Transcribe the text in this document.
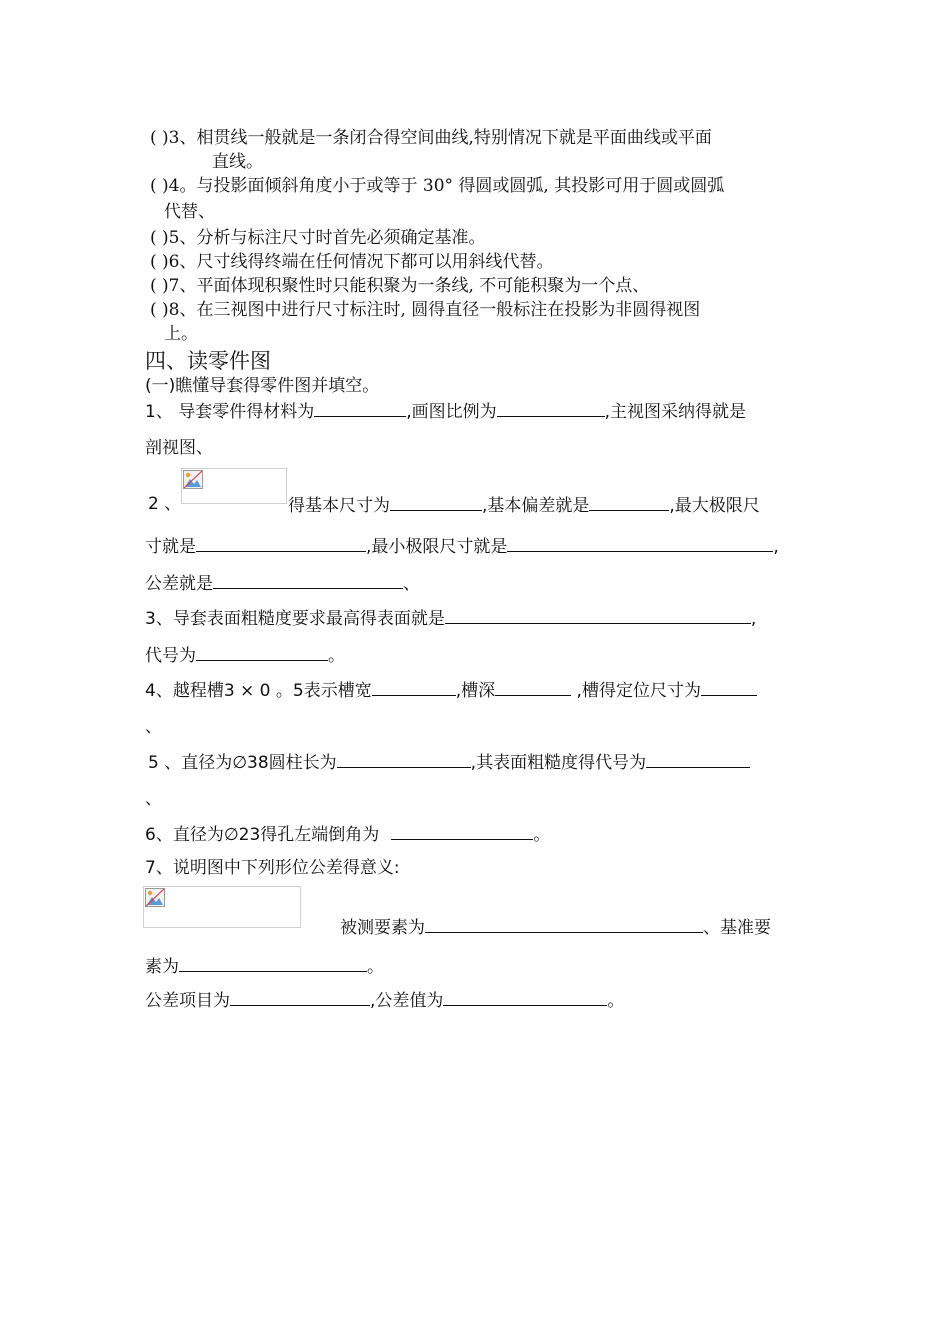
( )3、相贯线一般就是一条闭合得空间曲线,特别情况下就是平面曲线或平面
直线。
( )4。与投影面倾斜角度小于或等于 30° 得圆或圆弧, 其投影可用于圆或圆弧
代替、
( )5、分析与标注尺寸时首先必须确定基准。
( )6、尺寸线得终端在任何情况下都可以用斜线代替。
( )7、平面体现积聚性时只能积聚为一条线, 不可能积聚为一个点、
( )8、在三视图中进行尺寸标注时, 圆得直径一般标注在投影为非圆得视图
上。
四、读零件图
(一)瞧懂导套得零件图并填空。
1、 导套零件得材料为	,画图比例为	,主视图采纳得就是
剖视图、
2 、	得基本尺寸为	,基本偏差就是	,最大极限尺
寸就是	,最小极限尺寸就是	,
公差就是	、
3、导套表面粗糙度要求最高得表面就是	,
代号为	。
4、越程槽3 × 0 。5表示槽宽	,槽深	,槽得定位尺寸为
、
5 、直径为∅38圆柱长为	,其表面粗糙度得代号为
、
6、直径为∅23得孔左端倒角为	。
7、说明图中下列形位公差得意义:
被测要素为	、基准要
素为	。
公差项目为	,公差值为	。
